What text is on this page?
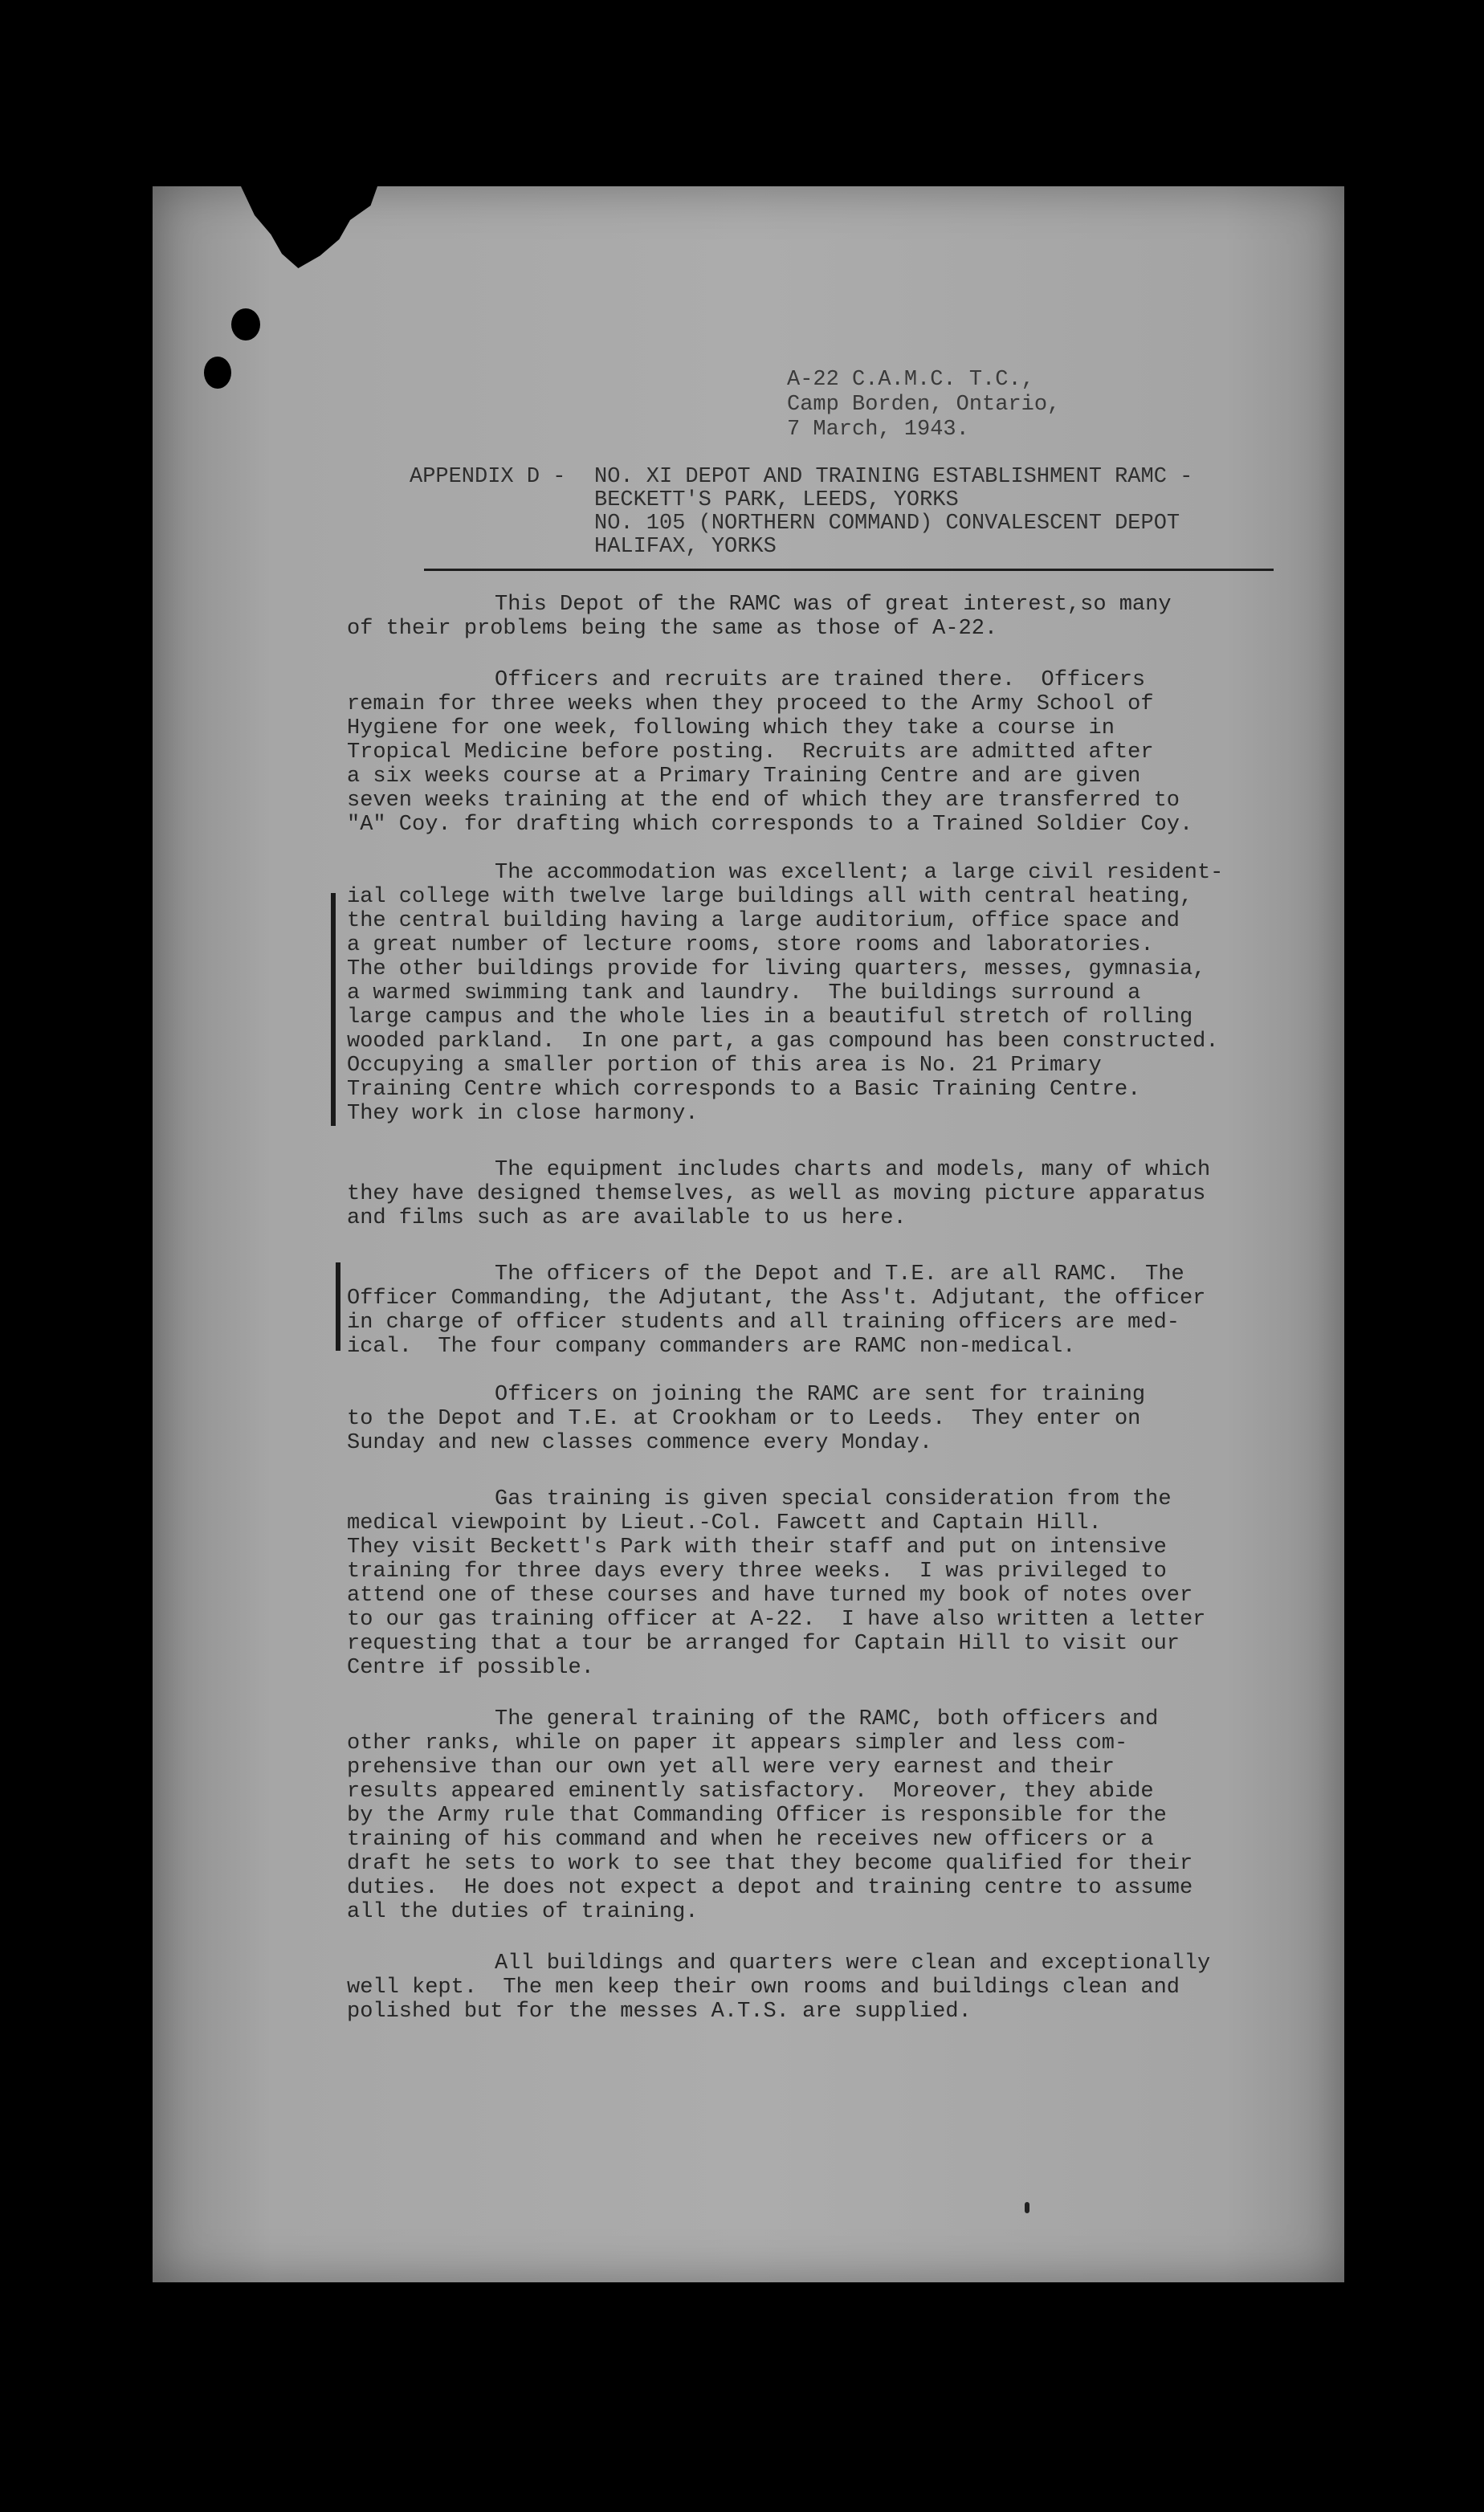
A-22 C.A.M.C. T.C.,
Camp Borden, Ontario,
7 March, 1943.
APPENDIX D - NO. XI DEPOT AND TRAINING ESTABLISHMENT RAMC -
BECKETT'S PARK, LEEDS, YORKS
NO. 105 (NORTHERN COMMAND) CONVALESCENT DEPOT
HALIFAX, YORKS
This Depot of the RAMC was of great interest,so many
of their problems being the same as those of A-22.
Officers and recruits are trained there.  Officers
remain for three weeks when they proceed to the Army School of
Hygiene for one week, following which they take a course in
Tropical Medicine before posting.  Recruits are admitted after
a six weeks course at a Primary Training Centre and are given
seven weeks training at the end of which they are transferred to
"A" Coy. for drafting which corresponds to a Trained Soldier Coy.
The accommodation was excellent; a large civil resident-
ial college with twelve large buildings all with central heating,
the central building having a large auditorium, office space and
a great number of lecture rooms, store rooms and laboratories.
The other buildings provide for living quarters, messes, gymnasia,
a warmed swimming tank and laundry.  The buildings surround a
large campus and the whole lies in a beautiful stretch of rolling
wooded parkland.  In one part, a gas compound has been constructed.
Occupying a smaller portion of this area is No. 21 Primary
Training Centre which corresponds to a Basic Training Centre.
They work in close harmony.
The equipment includes charts and models, many of which
they have designed themselves, as well as moving picture apparatus
and films such as are available to us here.
The officers of the Depot and T.E. are all RAMC.  The
Officer Commanding, the Adjutant, the Ass't. Adjutant, the officer
in charge of officer students and all training officers are med-
ical.  The four company commanders are RAMC non-medical.
Officers on joining the RAMC are sent for training
to the Depot and T.E. at Crookham or to Leeds.  They enter on
Sunday and new classes commence every Monday.
Gas training is given special consideration from the
medical viewpoint by Lieut.-Col. Fawcett and Captain Hill.
They visit Beckett's Park with their staff and put on intensive
training for three days every three weeks.  I was privileged to
attend one of these courses and have turned my book of notes over
to our gas training officer at A-22.  I have also written a letter
requesting that a tour be arranged for Captain Hill to visit our
Centre if possible.
The general training of the RAMC, both officers and
other ranks, while on paper it appears simpler and less com-
prehensive than our own yet all were very earnest and their
results appeared eminently satisfactory.  Moreover, they abide
by the Army rule that Commanding Officer is responsible for the
training of his command and when he receives new officers or a
draft he sets to work to see that they become qualified for their
duties.  He does not expect a depot and training centre to assume
all the duties of training.
All buildings and quarters were clean and exceptionally
well kept.  The men keep their own rooms and buildings clean and
polished but for the messes A.T.S. are supplied.
